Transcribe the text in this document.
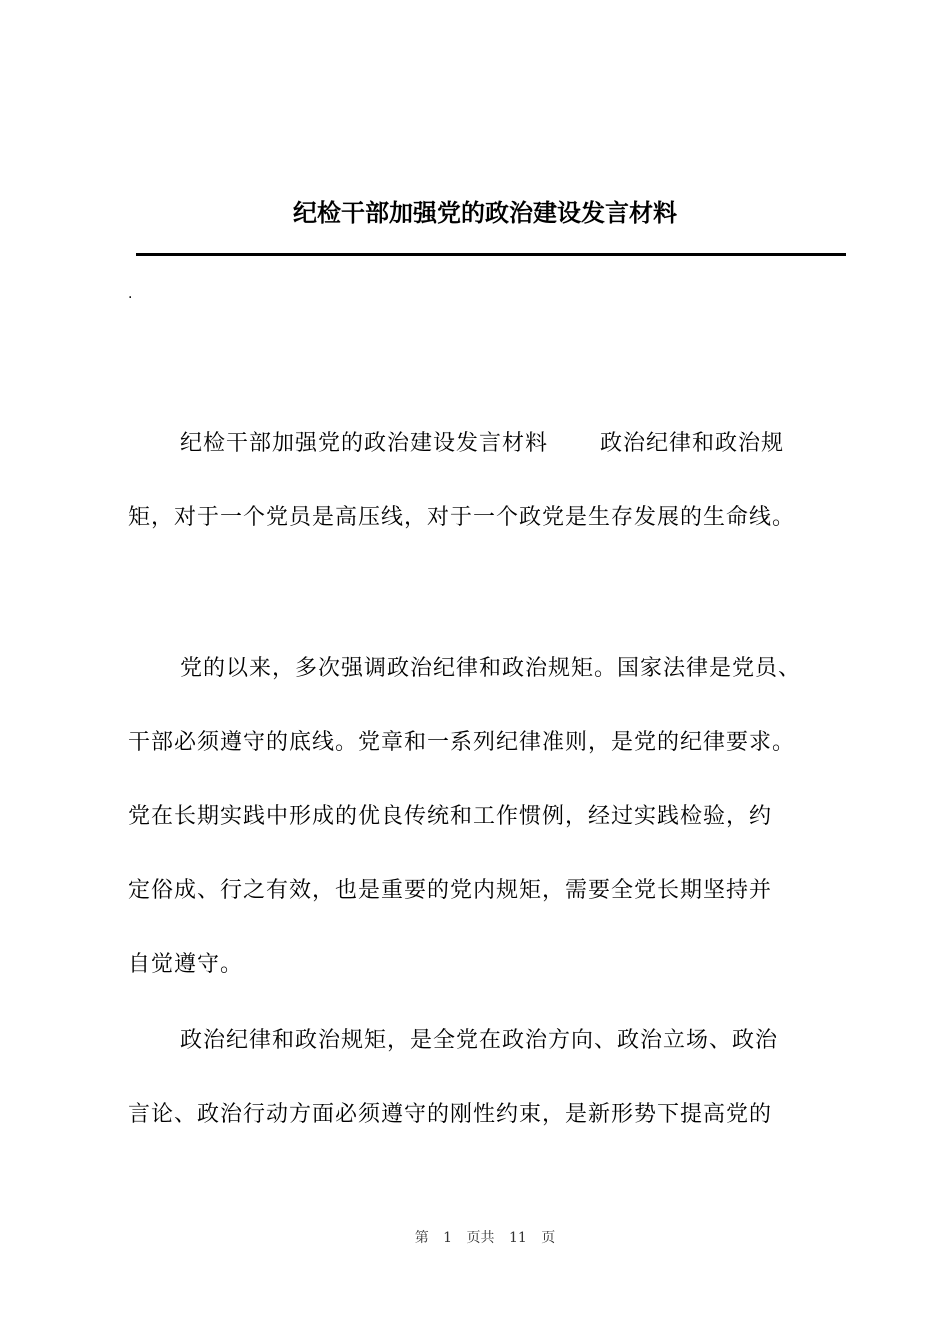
纪检干部加强党的政治建设发言材料
.
纪检干部加强党的政治建设发言材料 政治纪律和政治规
矩，对于一个党员是高压线，对于一个政党是生存发展的生命线。
党的以来，多次强调政治纪律和政治规矩。国家法律是党员、
干部必须遵守的底线。党章和一系列纪律准则，是党的纪律要求。
党在长期实践中形成的优良传统和工作惯例，经过实践检验，约
定俗成、行之有效，也是重要的党内规矩，需要全党长期坚持并
自觉遵守。
政治纪律和政治规矩，是全党在政治方向、政治立场、政治
言论、政治行动方面必须遵守的刚性约束，是新形势下提高党的
第 1 页共 11 页
